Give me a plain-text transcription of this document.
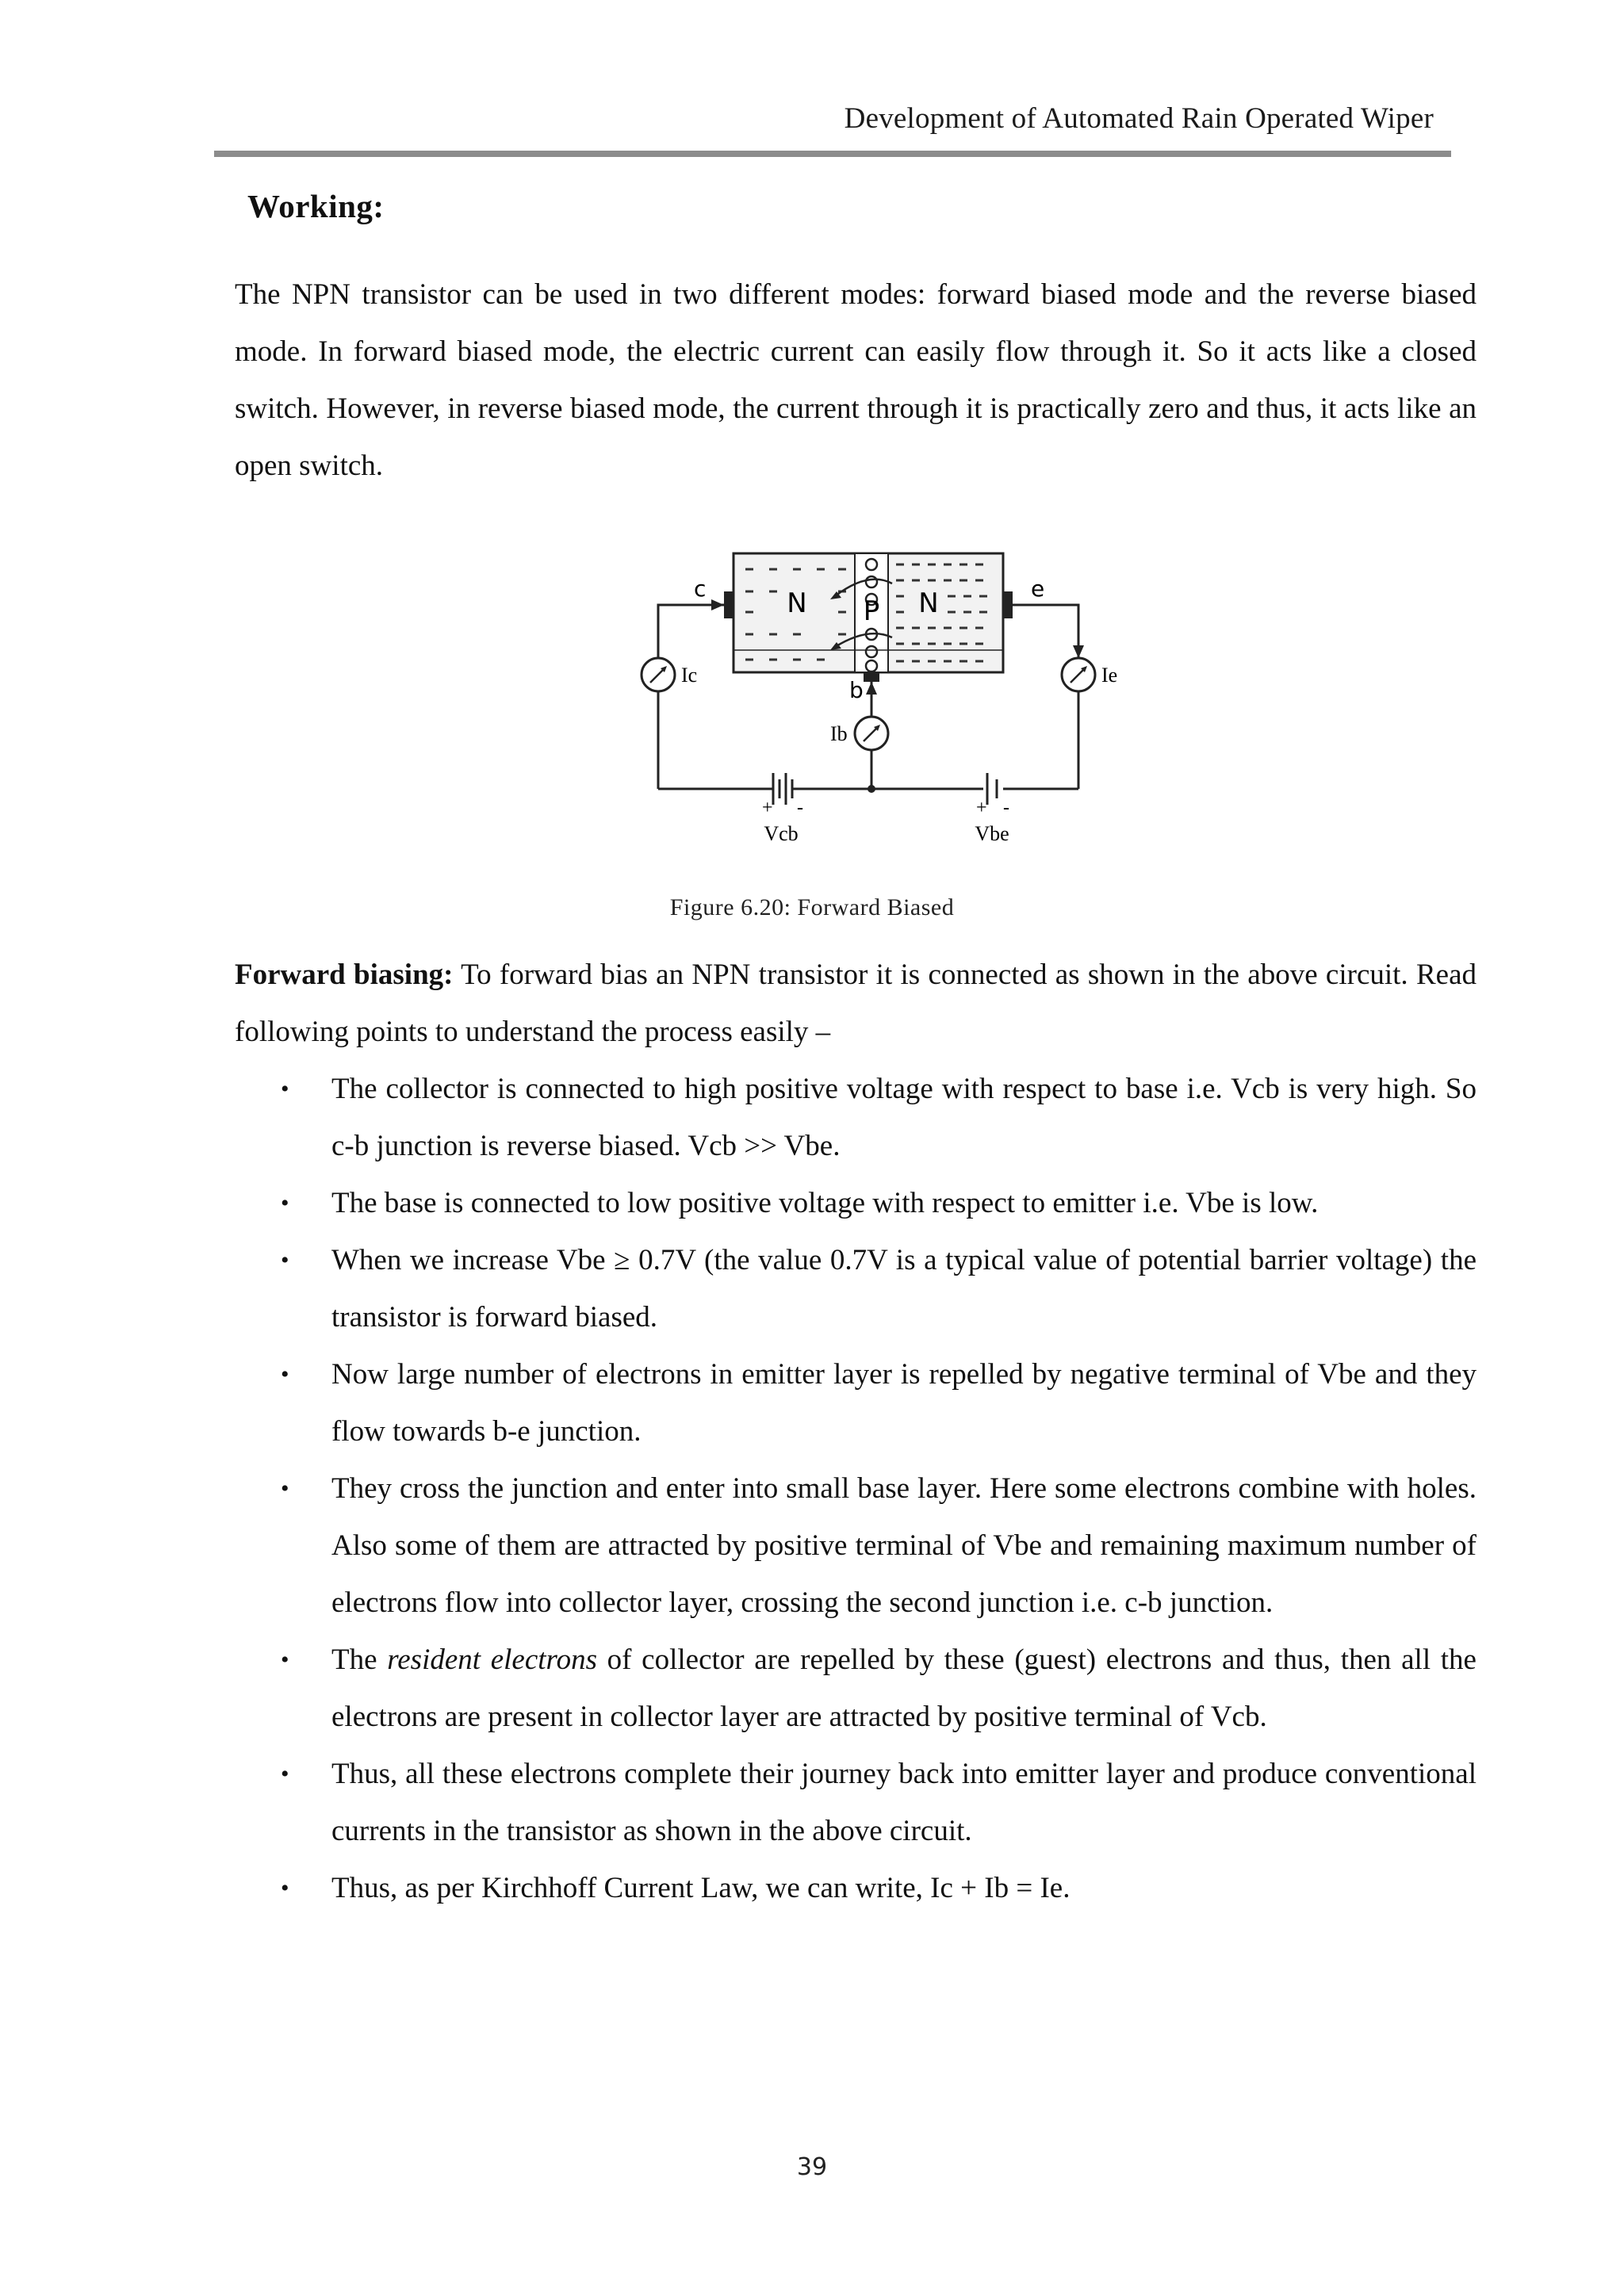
Development of Automated Rain Operated Wiper
Working:

The NPN transistor can be used in two different modes: forward biased mode and the reverse biased mode. In forward biased mode, the electric current can easily flow through it. So it acts like a closed switch. However, in reverse biased mode, the current through it is practically zero and thus, it acts like an open switch.

N P N
c	e
b
Ic	Ie
Ib
+ -	+ -
Vcb	Vbe
Figure 6.20: Forward Biased

Forward biasing: To forward bias an NPN transistor it is connected as shown in the above circuit. Read following points to understand the process easily –

• The collector is connected to high positive voltage with respect to base i.e. Vcb is very high. So c-b junction is reverse biased. Vcb >> Vbe.
• The base is connected to low positive voltage with respect to emitter i.e. Vbe is low.
• When we increase Vbe ≥ 0.7V (the value 0.7V is a typical value of potential barrier voltage) the transistor is forward biased.
• Now large number of electrons in emitter layer is repelled by negative terminal of Vbe and they flow towards b-e junction.
• They cross the junction and enter into small base layer. Here some electrons combine with holes. Also some of them are attracted by positive terminal of Vbe and remaining maximum number of electrons flow into collector layer, crossing the second junction i.e. c-b junction.
• The resident electrons of collector are repelled by these (guest) electrons and thus, then all the electrons are present in collector layer are attracted by positive terminal of Vcb.
• Thus, all these electrons complete their journey back into emitter layer and produce conventional currents in the transistor as shown in the above circuit.
• Thus, as per Kirchhoff Current Law, we can write, Ic + Ib = Ie.
39
